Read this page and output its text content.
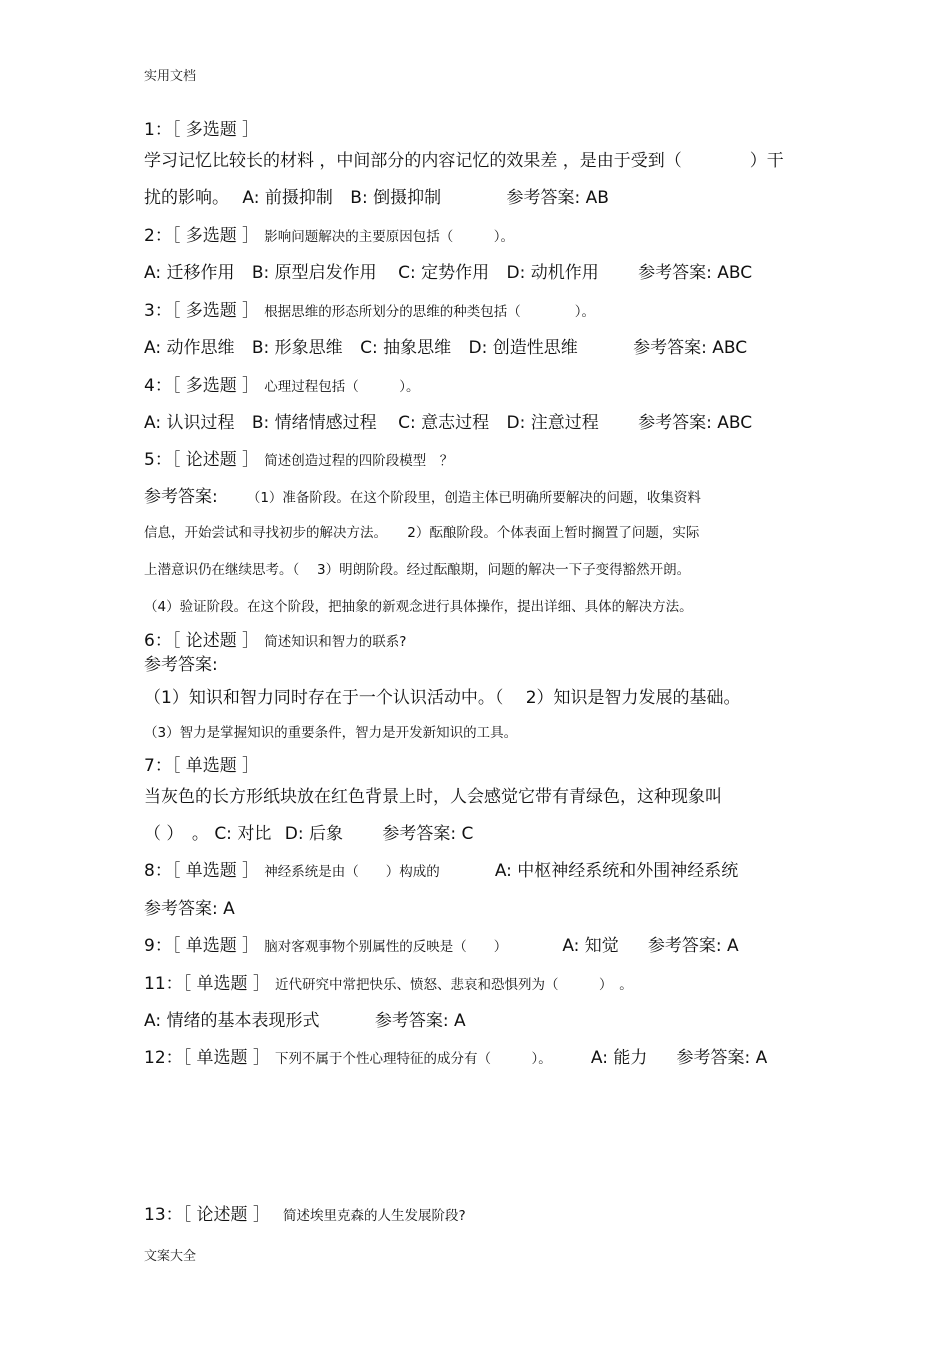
实用文档
1：［ 多选题 ］
学习记忆比较长的材料 ，中间部分的内容记忆的效果差 ，是由于受到（　　　　）干
扰的影响。 A: 前摄抑制 B: 倒摄抑制	参考答案: AB
2：［ 多选题 ］ 影响问题解决的主要原因包括（　　　）。
A: 迁移作用 B: 原型启发作用 C: 定势作用 D: 动机作用 参考答案: ABC
3：［ 多选题 ］ 根据思维的形态所划分的思维的种类包括（　　　　）。
A: 动作思维 B: 形象思维 C: 抽象思维 D: 创造性思维	参考答案: ABC
4：［ 多选题 ］ 心理过程包括（　　　）。
A: 认识过程 B: 情绪情感过程 C: 意志过程 D: 注意过程 参考答案: ABC
5：［ 论述题 ］ 简述创造过程的四阶段模型　？
参考答案: （1）准备阶段。在这个阶段里，创造主体已明确所要解决的问题，收集资料
信息，开始尝试和寻找初步的解决方法。　　2）酝酿阶段。个体表面上暂时搁置了问题，实际
上潜意识仍在继续思考。（　 3）明朗阶段。经过酝酿期，问题的解决一下子变得豁然开朗。
（4）验证阶段。在这个阶段，把抽象的新观念进行具体操作，提出详细、具体的解决方法。
6：［ 论述题 ］ 简述知识和智力的联系?
参考答案:
（1）知识和智力同时存在于一个认识活动中。（　 2）知识是智力发展的基础。
（3）智力是掌握知识的重要条件，智力是开发新知识的工具。
7：［ 单选题 ］
当灰色的长方形纸块放在红色背景上时，人会感觉它带有青绿色，这种现象叫
（ ）　。 C: 对比 D: 后象 参考答案: C
8：［ 单选题 ］ 神经系统是由（　　）构成的	A: 中枢神经系统和外围神经系统
参考答案: A
9：［ 单选题 ］ 脑对客观事物个别属性的反映是（　　）	A: 知觉 参考答案: A
11：［ 单选题 ］ 近代研究中常把快乐、愤怒、悲哀和恐惧列为（　　　）　。
A: 情绪的基本表现形式	参考答案: A
12：［ 单选题 ］ 下列不属于个性心理特征的成分有（　　　）。 A: 能力 参考答案: A
13：［ 论述题 ］ 简述埃里克森的人生发展阶段?
文案大全
